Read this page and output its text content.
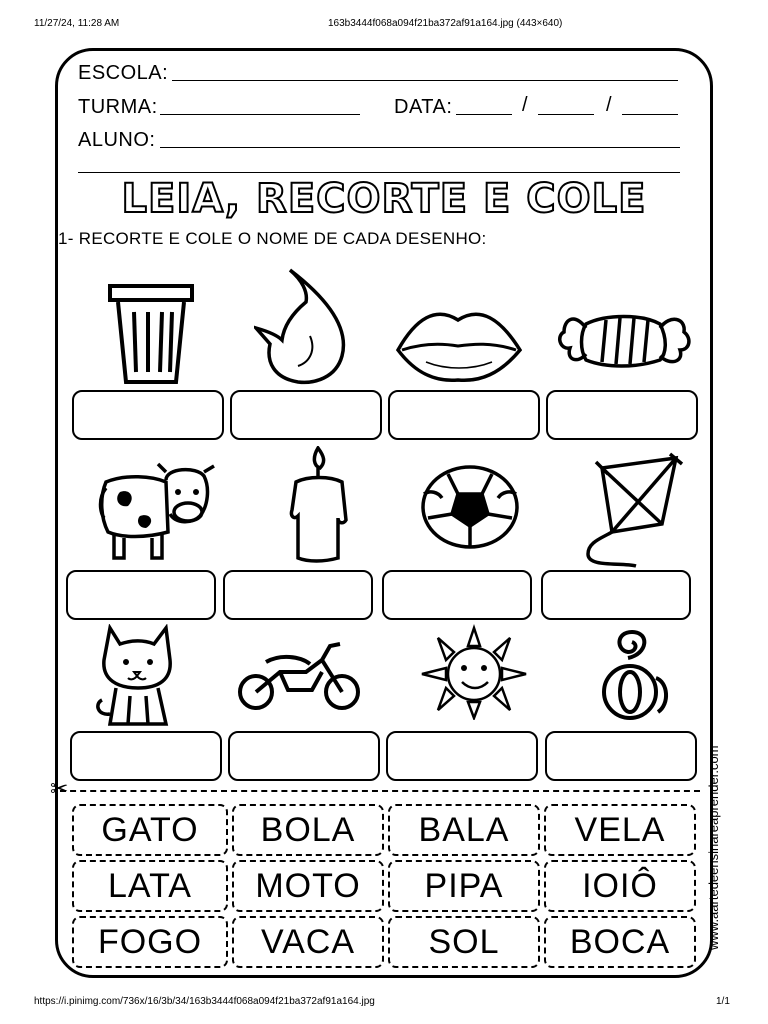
11/27/24, 11:28 AM	163b3444f068a094f21ba372af91a164.jpg (443×640)
ESCOLA:
TURMA:	DATA:	/	/
ALUNO:
LEIA, RECORTE E COLE
1- RECORTE E COLE O NOME DE CADA DESENHO:
✂
GATO	BOLA	BALA	VELA
LATA	MOTO	PIPA	IOIÔ
FOGO	VACA	SOL	BOCA	www.aartedeensinareaprender.com
https://i.pinimg.com/736x/16/3b/34/163b3444f068a094f21ba372af91a164.jpg	1/1
